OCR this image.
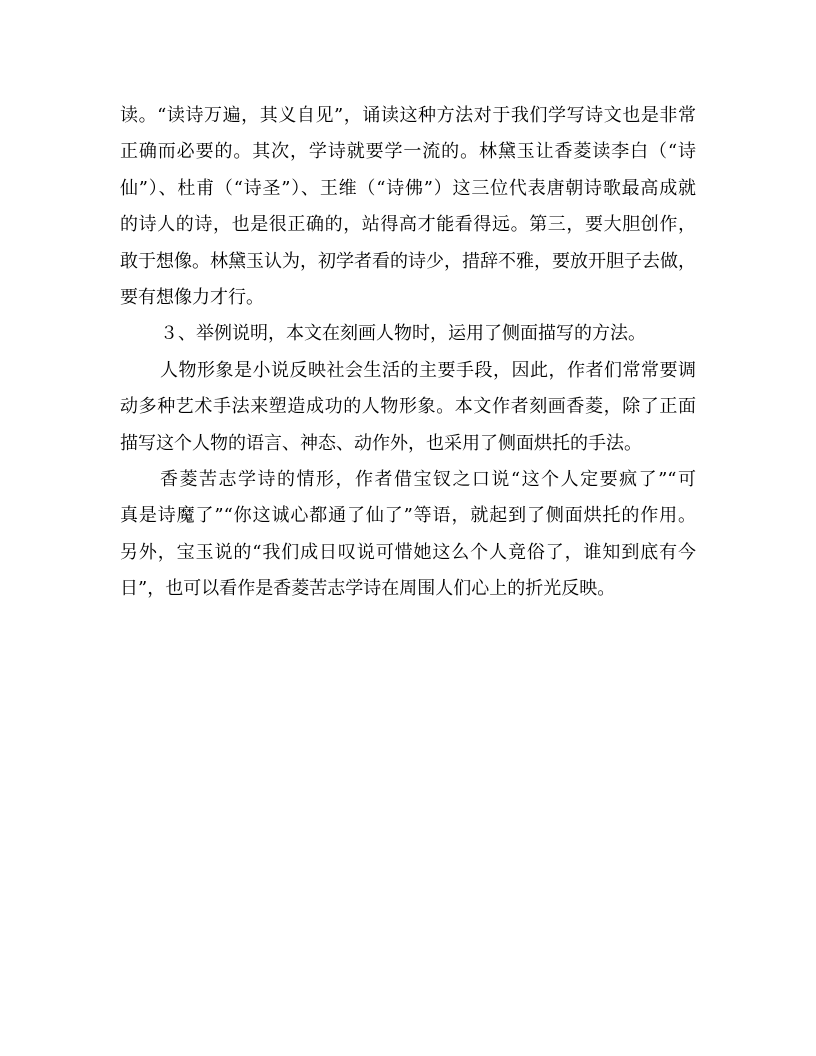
读。“读诗万遍，其义自见”，诵读这种方法对于我们学写诗文也是非常
正确而必要的。其次，学诗就要学一流的。林黛玉让香菱读李白（“诗
仙”）、杜甫（“诗圣”）、王维（“诗佛”）这三位代表唐朝诗歌最高成就
的诗人的诗，也是很正确的，站得高才能看得远。第三，要大胆创作，
敢于想像。林黛玉认为，初学者看的诗少，措辞不雅，要放开胆子去做，
要有想像力才行。
３、举例说明，本文在刻画人物时，运用了侧面描写的方法。
人物形象是小说反映社会生活的主要手段，因此，作者们常常要调
动多种艺术手法来塑造成功的人物形象。本文作者刻画香菱，除了正面
描写这个人物的语言、神态、动作外，也采用了侧面烘托的手法。
香菱苦志学诗的情形，作者借宝钗之口说“这个人定要疯了”“可
真是诗魔了”“你这诚心都通了仙了”等语，就起到了侧面烘托的作用。
另外，宝玉说的“我们成日叹说可惜她这么个人竟俗了，谁知到底有今
日”，也可以看作是香菱苦志学诗在周围人们心上的折光反映。
